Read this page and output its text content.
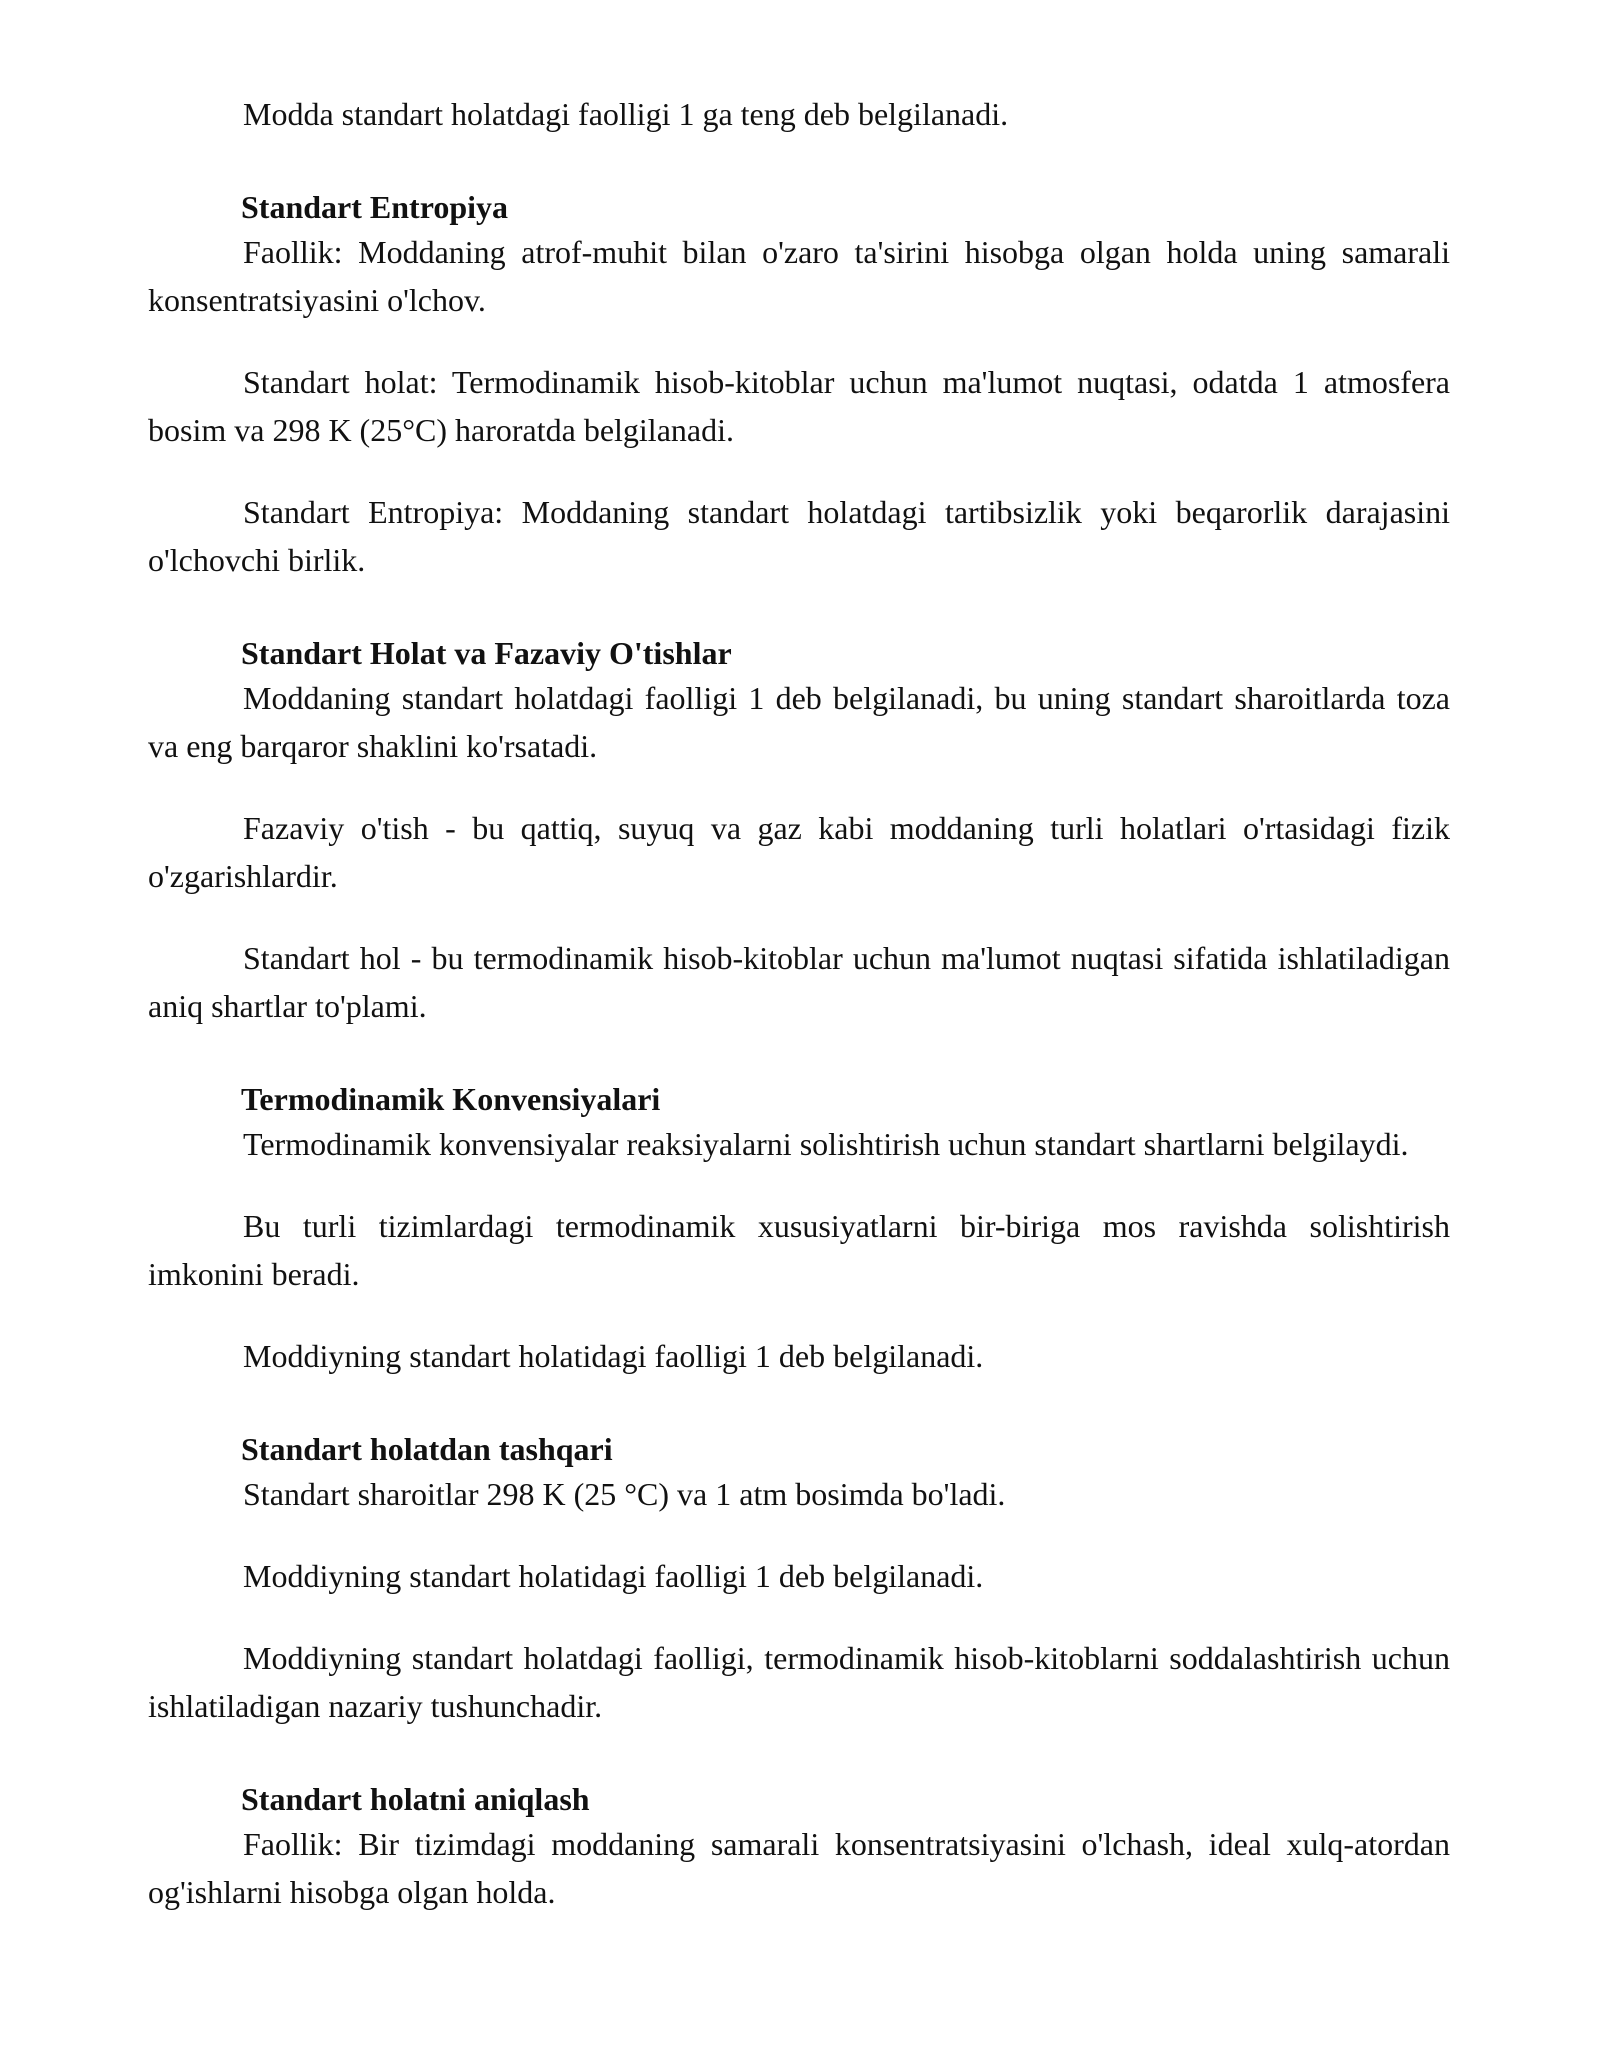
Modda standart holatdagi faolligi 1 ga teng deb belgilanadi.

Standart Entropiya

Faollik: Moddaning atrof-muhit bilan o'zaro ta'sirini hisobga olgan holda uning samarali konsentratsiyasini o'lchov.

Standart holat: Termodinamik hisob-kitoblar uchun ma'lumot nuqtasi, odatda 1 atmosfera bosim va 298 K (25°C) haroratda belgilanadi.

Standart Entropiya: Moddaning standart holatdagi tartibsizlik yoki beqarorlik darajasini o'lchovchi birlik.

Standart Holat va Fazaviy O'tishlar

Moddaning standart holatdagi faolligi 1 deb belgilanadi, bu uning standart sharoitlarda toza va eng barqaror shaklini ko'rsatadi.

Fazaviy o'tish - bu qattiq, suyuq va gaz kabi moddaning turli holatlari o'rtasidagi fizik o'zgarishlardir.

Standart hol - bu termodinamik hisob-kitoblar uchun ma'lumot nuqtasi sifatida ishlatiladigan aniq shartlar to'plami.

Termodinamik Konvensiyalari

Termodinamik konvensiyalar reaksiyalarni solishtirish uchun standart shartlarni belgilaydi.

Bu turli tizimlardagi termodinamik xususiyatlarni bir-biriga mos ravishda solishtirish imkonini beradi.

Moddiyning standart holatidagi faolligi 1 deb belgilanadi.

Standart holatdan tashqari

Standart sharoitlar 298 K (25 °C) va 1 atm bosimda bo'ladi.

Moddiyning standart holatidagi faolligi 1 deb belgilanadi.

Moddiyning standart holatdagi faolligi, termodinamik hisob-kitoblarni soddalashtirish uchun ishlatiladigan nazariy tushunchadir.

Standart holatni aniqlash

Faollik: Bir tizimdagi moddaning samarali konsentratsiyasini o'lchash, ideal xulq-atordan og'ishlarni hisobga olgan holda.
